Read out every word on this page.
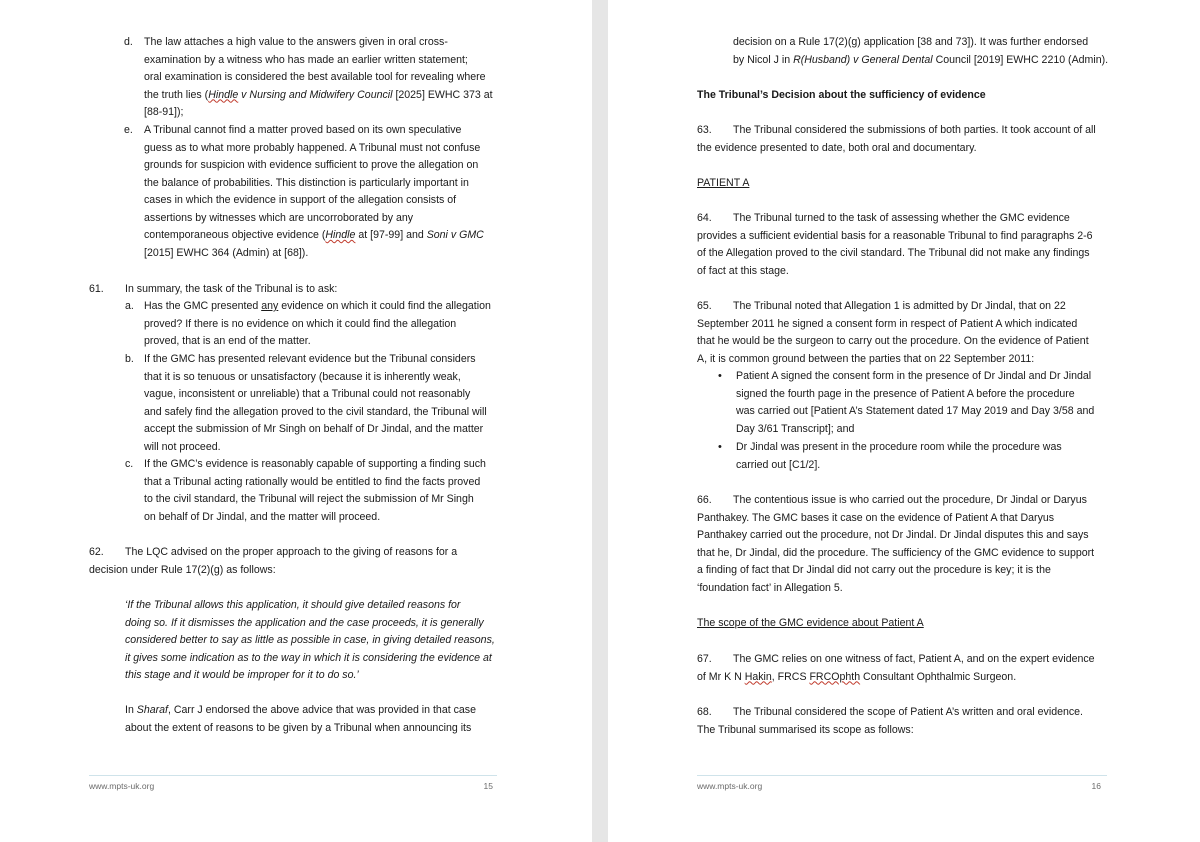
d. The law attaches a high value to the answers given in oral cross-
examination by a witness who has made an earlier written statement;
oral examination is considered the best available tool for revealing where
the truth lies (Hindle v Nursing and Midwifery Council [2025] EWHC 373 at
[88-91]);
e. A Tribunal cannot find a matter proved based on its own speculative
guess as to what more probably happened. A Tribunal must not confuse
grounds for suspicion with evidence sufficient to prove the allegation on
the balance of probabilities. This distinction is particularly important in
cases in which the evidence in support of the allegation consists of
assertions by witnesses which are uncorroborated by any
contemporaneous objective evidence (Hindle at [97-99] and Soni v GMC
[2015] EWHC 364 (Admin) at [68]).
61. In summary, the task of the Tribunal is to ask:
a. Has the GMC presented any evidence on which it could find the allegation
proved? If there is no evidence on which it could find the allegation
proved, that is an end of the matter.
b. If the GMC has presented relevant evidence but the Tribunal considers
that it is so tenuous or unsatisfactory (because it is inherently weak,
vague, inconsistent or unreliable) that a Tribunal could not reasonably
and safely find the allegation proved to the civil standard, the Tribunal will
accept the submission of Mr Singh on behalf of Dr Jindal, and the matter
will not proceed.
c. If the GMC’s evidence is reasonably capable of supporting a finding such
that a Tribunal acting rationally would be entitled to find the facts proved
to the civil standard, the Tribunal will reject the submission of Mr Singh
on behalf of Dr Jindal, and the matter will proceed.
62. The LQC advised on the proper approach to the giving of reasons for a
decision under Rule 17(2)(g) as follows:
‘If the Tribunal allows this application, it should give detailed reasons for
doing so. If it dismisses the application and the case proceeds, it is generally
considered better to say as little as possible in case, in giving detailed reasons,
it gives some indication as to the way in which it is considering the evidence at
this stage and it would be improper for it to do so.’
In Sharaf, Carr J endorsed the above advice that was provided in that case
about the extent of reasons to be given by a Tribunal when announcing its
www.mpts-uk.org	15
decision on a Rule 17(2)(g) application [38 and 73]). It was further endorsed
by Nicol J in R(Husband) v General Dental Council [2019] EWHC 2210 (Admin).
The Tribunal’s Decision about the sufficiency of evidence
63. The Tribunal considered the submissions of both parties. It took account of all
the evidence presented to date, both oral and documentary.
PATIENT A
64. The Tribunal turned to the task of assessing whether the GMC evidence
provides a sufficient evidential basis for a reasonable Tribunal to find paragraphs 2-6
of the Allegation proved to the civil standard. The Tribunal did not make any findings
of fact at this stage.
65. The Tribunal noted that Allegation 1 is admitted by Dr Jindal, that on 22
September 2011 he signed a consent form in respect of Patient A which indicated
that he would be the surgeon to carry out the procedure. On the evidence of Patient
A, it is common ground between the parties that on 22 September 2011:
• Patient A signed the consent form in the presence of Dr Jindal and Dr Jindal
signed the fourth page in the presence of Patient A before the procedure
was carried out [Patient A’s Statement dated 17 May 2019 and Day 3/58 and
Day 3/61 Transcript]; and
• Dr Jindal was present in the procedure room while the procedure was
carried out [C1/2].
66. The contentious issue is who carried out the procedure, Dr Jindal or Daryus
Panthakey. The GMC bases it case on the evidence of Patient A that Daryus
Panthakey carried out the procedure, not Dr Jindal. Dr Jindal disputes this and says
that he, Dr Jindal, did the procedure. The sufficiency of the GMC evidence to support
a finding of fact that Dr Jindal did not carry out the procedure is key; it is the
‘foundation fact’ in Allegation 5.
The scope of the GMC evidence about Patient A
67. The GMC relies on one witness of fact, Patient A, and on the expert evidence
of Mr K N Hakin, FRCS FRCOphth Consultant Ophthalmic Surgeon.
68. The Tribunal considered the scope of Patient A’s written and oral evidence.
The Tribunal summarised its scope as follows:
www.mpts-uk.org	16
